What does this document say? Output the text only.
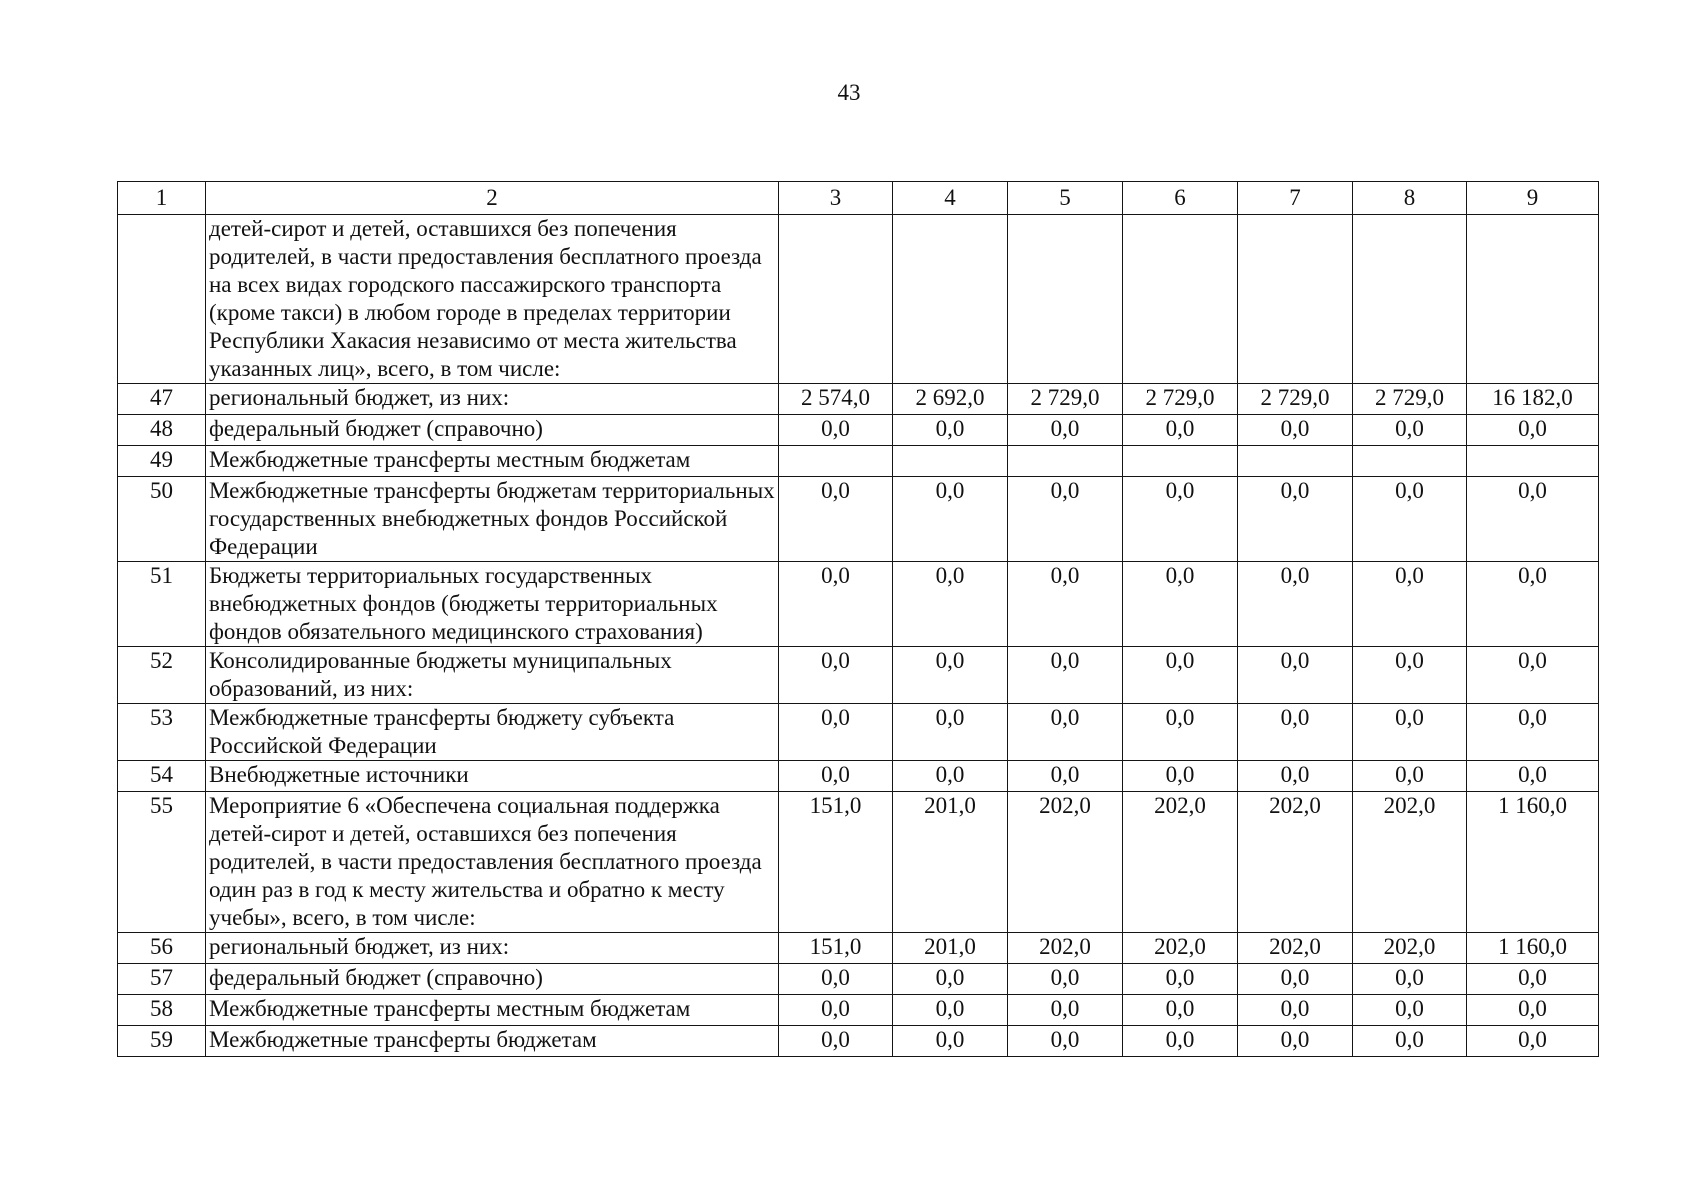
43
1	2	3	4	5	6	7	8	9
	детей-сирот и детей, оставшихся без попечения родителей, в части предоставления бесплатного проезда на всех видах городского пассажирского транспорта (кроме такси) в любом городе в пределах территории Республики Хакасия независимо от места жительства указанных лиц», всего, в том числе:							
47	региональный бюджет, из них:	2 574,0	2 692,0	2 729,0	2 729,0	2 729,0	2 729,0	16 182,0
48	федеральный бюджет (справочно)	0,0	0,0	0,0	0,0	0,0	0,0	0,0
49	Межбюджетные трансферты местным бюджетам							
50	Межбюджетные трансферты бюджетам территориальных государственных внебюджетных фондов Российской Федерации	0,0	0,0	0,0	0,0	0,0	0,0	0,0
51	Бюджеты территориальных государственных внебюджетных фондов (бюджеты территориальных фондов обязательного медицинского страхования)	0,0	0,0	0,0	0,0	0,0	0,0	0,0
52	Консолидированные бюджеты муниципальных образований, из них:	0,0	0,0	0,0	0,0	0,0	0,0	0,0
53	Межбюджетные трансферты бюджету субъекта Российской Федерации	0,0	0,0	0,0	0,0	0,0	0,0	0,0
54	Внебюджетные источники	0,0	0,0	0,0	0,0	0,0	0,0	0,0
55	Мероприятие 6 «Обеспечена социальная поддержка детей-сирот и детей, оставшихся без попечения родителей, в части предоставления бесплатного проезда один раз в год к месту жительства и обратно к месту учебы», всего, в том числе:	151,0	201,0	202,0	202,0	202,0	202,0	1 160,0
56	региональный бюджет, из них:	151,0	201,0	202,0	202,0	202,0	202,0	1 160,0
57	федеральный бюджет (справочно)	0,0	0,0	0,0	0,0	0,0	0,0	0,0
58	Межбюджетные трансферты местным бюджетам	0,0	0,0	0,0	0,0	0,0	0,0	0,0
59	Межбюджетные трансферты бюджетам	0,0	0,0	0,0	0,0	0,0	0,0	0,0
